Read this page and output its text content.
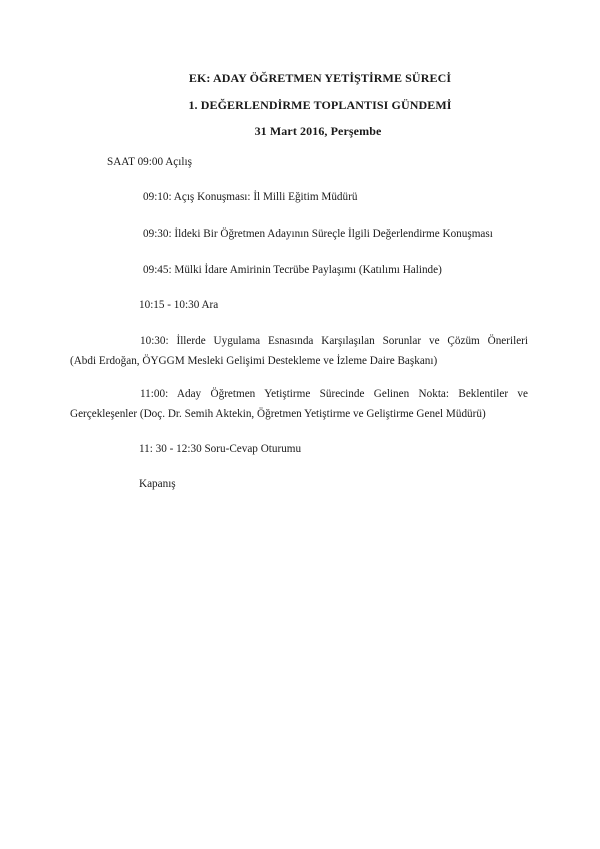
EK: ADAY ÖĞRETMEN YETİŞTİRME SÜRECİ
1. DEĞERLENDİRME TOPLANTISI GÜNDEMİ
31 Mart 2016, Perşembe
SAAT 09:00 Açılış
09:10: Açış Konuşması: İl Milli Eğitim Müdürü
09:30: İldeki Bir Öğretmen Adayının Süreçle İlgili Değerlendirme Konuşması
09:45: Mülki İdare Amirinin Tecrübe Paylaşımı (Katılımı Halinde)
10:15 - 10:30 Ara
10:30: İllerde Uygulama Esnasında Karşılaşılan Sorunlar ve Çözüm Önerileri
(Abdi Erdoğan, ÖYGGM Mesleki Gelişimi Destekleme ve İzleme Daire Başkanı)
11:00: Aday Öğretmen Yetiştirme Sürecinde Gelinen Nokta: Beklentiler ve
Gerçekleşenler (Doç. Dr. Semih Aktekin, Öğretmen Yetiştirme ve Geliştirme Genel Müdürü)
11: 30 - 12:30 Soru-Cevap Oturumu
Kapanış
